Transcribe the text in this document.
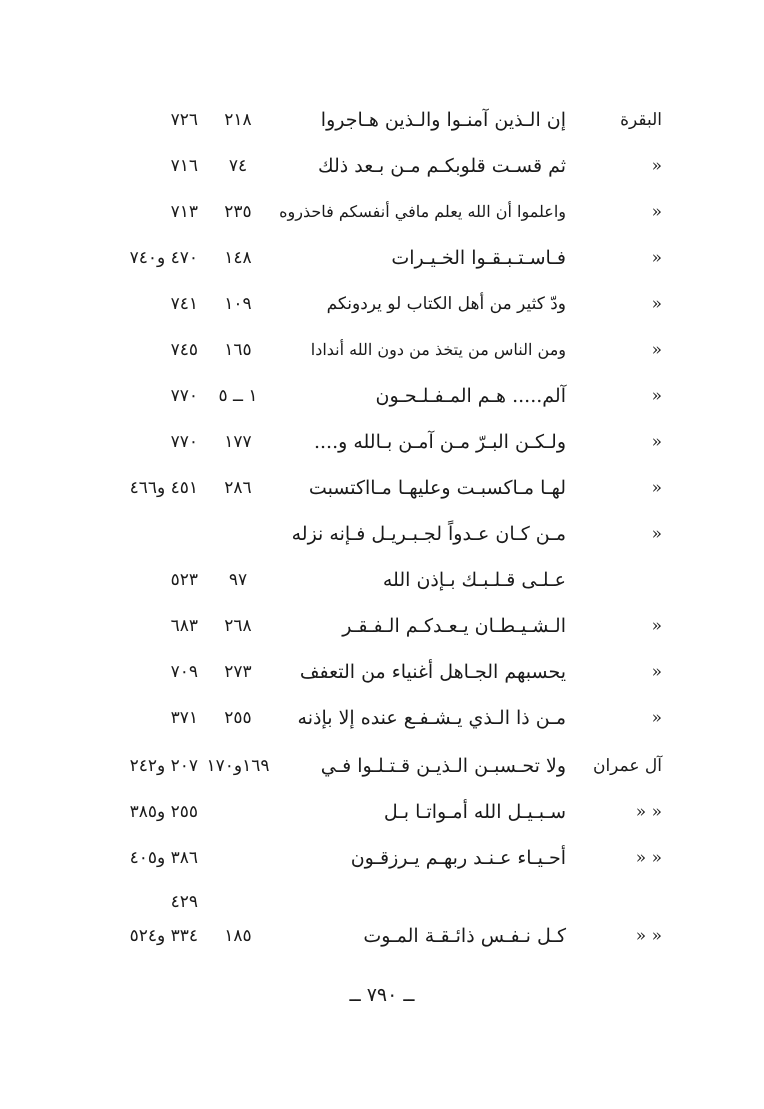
البقرة
إن الـذين آمنـوا والـذين هـاجروا
٢١٨
٧٢٦
«
ثم قسـت قلوبكـم مـن بـعد ذلك
٧٤
٧١٦
«
واعلموا أن الله يعلم مافي أنفسكم فاحذروه
٢٣٥
٧١٣
«
فـاسـتـبـقـوا الخـيـرات
١٤٨
٤٧٠ و٧٤٠
«
ودّ كثير من أهل الكتاب لو يردونكم
١٠٩
٧٤١
«
ومن الناس من يتخذ من دون الله أندادا
١٦٥
٧٤٥
«
آلم..... هـم المـفـلـحـون
١ ــ ٥
٧٧٠
«
ولـكـن البـرّ مـن آمـن بـالله و....
١٧٧
٧٧٠
«
لهـا مـاكسبـت وعليهـا مـااكتسبت
٢٨٦
٤٥١ و٤٦٦
«
مـن كـان عـدواً لجـبـريـل فـإنه نزله
عـلـى قـلـبـك بـإذن الله
٩٧
٥٢٣
«
الـشـيـطـان يـعـدكـم الـفـقـر
٢٦٨
٦٨٣
«
يحسبهم الجـاهل أغنياء من التعفف
٢٧٣
٧٠٩
«
مـن ذا الـذي يـشـفـع عنده إلا بإذنه
٢٥٥
٣٧١
آل عمران
ولا تحـسبـن الـذيـن قـتـلـوا فـي
١٦٩و١٧٠
٢٠٧ و٢٤٢
« «
سـبـيـل الله أمـواتـا بـل
٢٥٥ و٣٨٥
« «
أحـيـاء عـنـد ربهـم يـرزقـون
٣٨٦ و٤٠٥
٤٢٩
« «
كـل نـفـس ذائـقـة المـوت
١٨٥
٣٣٤ و٥٢٤
ــ ٧٩٠ ــ
